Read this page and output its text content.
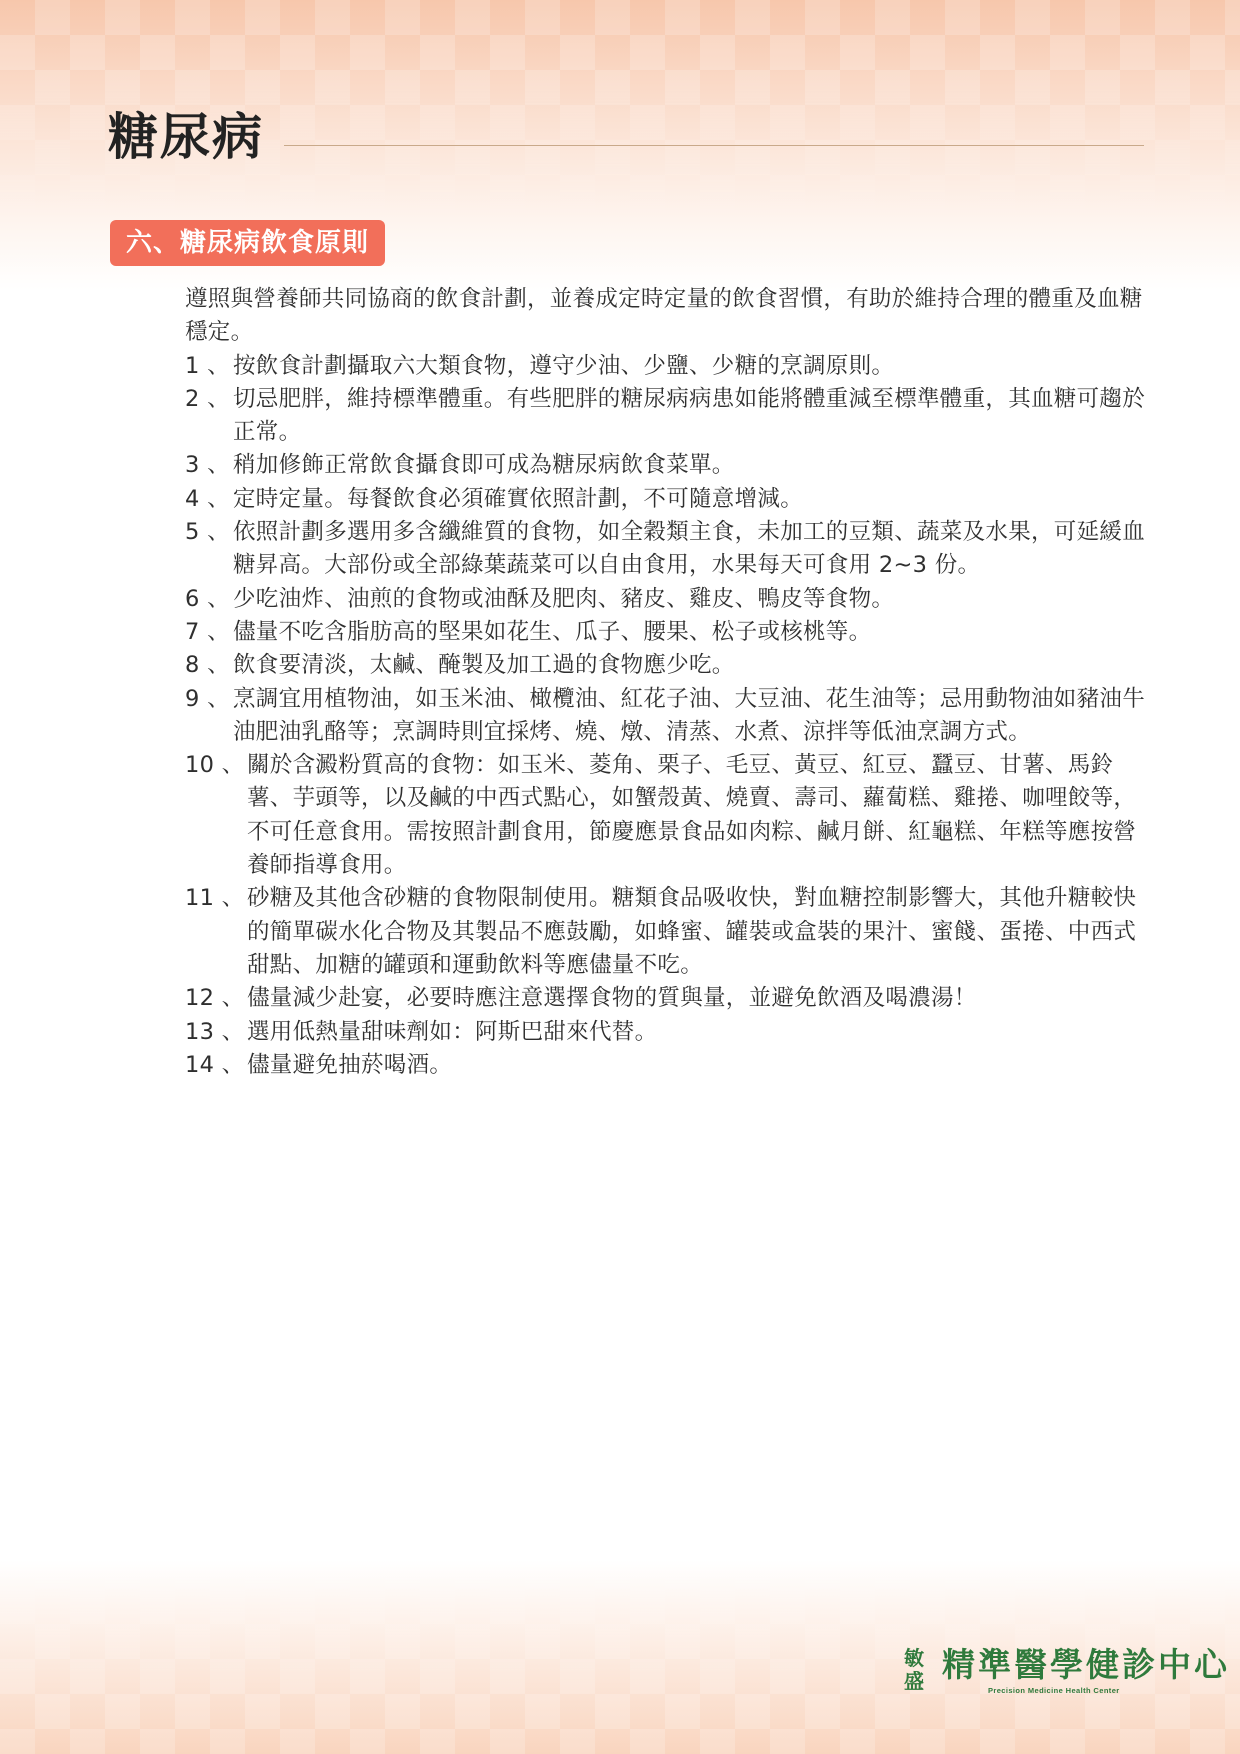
糖尿病
六、糖尿病飲食原則

遵照與營養師共同協商的飲食計劃，並養成定時定量的飲食習慣，有助於維持合理的體重及血糖穩定。

1 、 按飲食計劃攝取六大類食物，遵守少油、少鹽、少糖的烹調原則。
2 、 切忌肥胖，維持標準體重。有些肥胖的糖尿病病患如能將體重減至標準體重，其血糖可趨於正常。
3 、 稍加修飾正常飲食攝食即可成為糖尿病飲食菜單。
4 、 定時定量。每餐飲食必須確實依照計劃，不可隨意增減。
5 、 依照計劃多選用多含纖維質的食物，如全穀類主食，未加工的豆類、蔬菜及水果，可延緩血糖昇高。大部份或全部綠葉蔬菜可以自由食用，水果每天可食用 2~3 份。
6 、 少吃油炸、油煎的食物或油酥及肥肉、豬皮、雞皮、鴨皮等食物。
7 、 儘量不吃含脂肪高的堅果如花生、瓜子、腰果、松子或核桃等。
8 、 飲食要清淡，太鹹、醃製及加工過的食物應少吃。
9 、 烹調宜用植物油，如玉米油、橄欖油、紅花子油、大豆油、花生油等；忌用動物油如豬油牛油肥油乳酪等；烹調時則宜採烤、燒、燉、清蒸、水煮、涼拌等低油烹調方式。
10 、 關於含澱粉質高的食物：如玉米、菱角、栗子、毛豆、黃豆、紅豆、蠶豆、甘薯、馬鈴薯、芋頭等，以及鹹的中西式點心，如蟹殼黃、燒賣、壽司、蘿蔔糕、雞捲、咖哩餃等，不可任意食用。需按照計劃食用，節慶應景食品如肉粽、鹹月餅、紅龜糕、年糕等應按營養師指導食用。
11 、 砂糖及其他含砂糖的食物限制使用。糖類食品吸收快，對血糖控制影響大，其他升糖較快的簡單碳水化合物及其製品不應鼓勵，如蜂蜜、罐裝或盒裝的果汁、蜜餞、蛋捲、中西式甜點、加糖的罐頭和運動飲料等應儘量不吃。
12 、 儘量減少赴宴，必要時應注意選擇食物的質與量，並避免飲酒及喝濃湯！
13 、 選用低熱量甜味劑如：阿斯巴甜來代替。
14 、 儘量避免抽菸喝酒。
敏
盛 精準醫學健診中心
Precision Medicine Health Center
